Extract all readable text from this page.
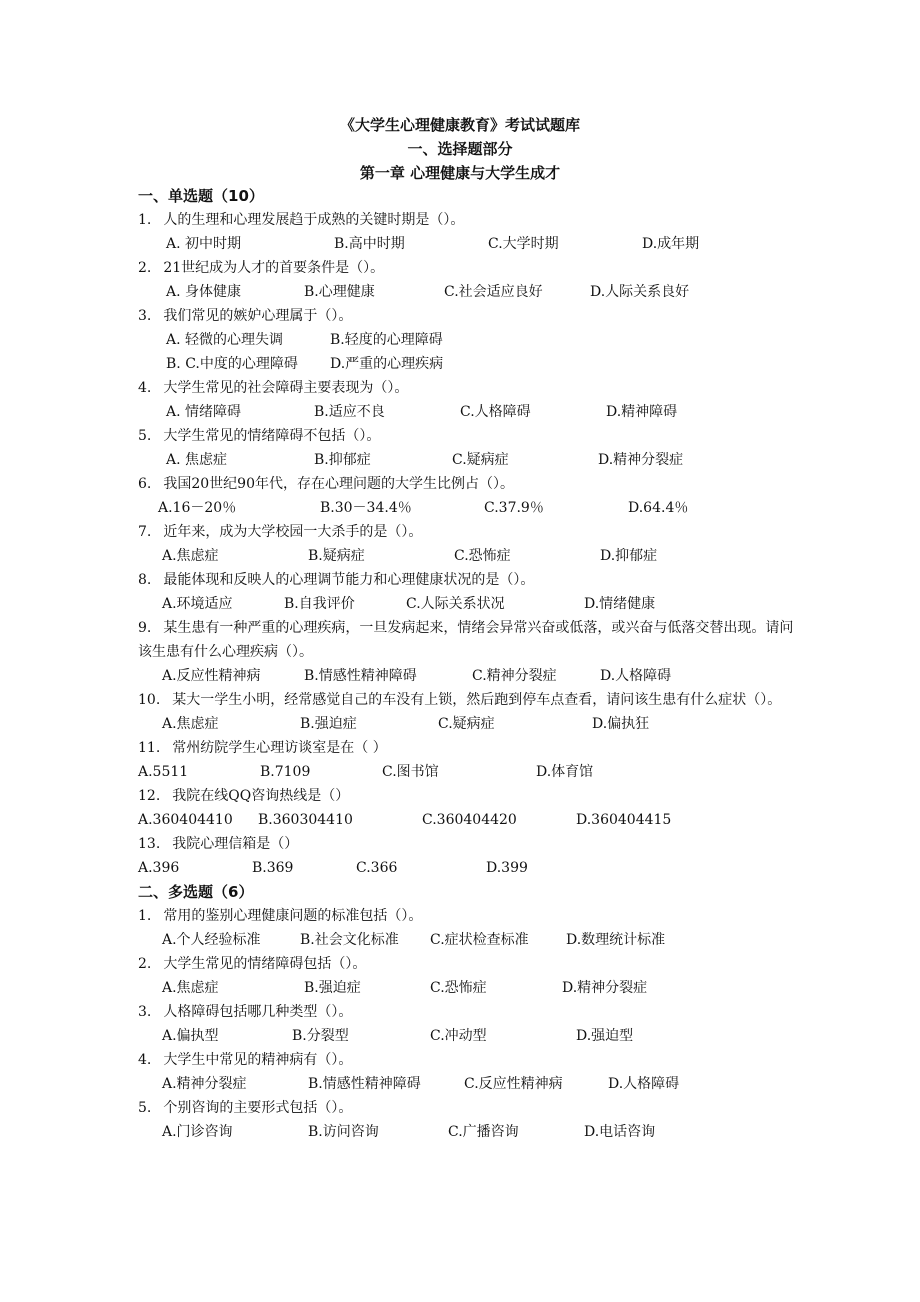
《大学生心理健康教育》考试试题库
一、选择题部分
第一章 心理健康与大学生成才
一、单选题（10）
1. 人的生理和心理发展趋于成熟的关键时期是（）。
A. 初中时期	B.高中时期	C.大学时期	D.成年期
2. 21世纪成为人才的首要条件是（）。
A. 身体健康	B.心理健康	C.社会适应良好	D.人际关系良好
3. 我们常见的嫉妒心理属于（）。
A. 轻微的心理失调	B.轻度的心理障碍
B. C.中度的心理障碍 D.严重的心理疾病
4. 大学生常见的社会障碍主要表现为（）。
A. 情绪障碍	B.适应不良	C.人格障碍	D.精神障碍
5. 大学生常见的情绪障碍不包括（）。
A. 焦虑症	B.抑郁症	C.疑病症	D.精神分裂症
6. 我国20世纪90年代，存在心理问题的大学生比例占（）。
A.16－20％	B.30－34.4％	C.37.9％	D.64.4％
7. 近年来，成为大学校园一大杀手的是（）。
A.焦虑症	B.疑病症	C.恐怖症	D.抑郁症
8. 最能体现和反映人的心理调节能力和心理健康状况的是（）。
A.环境适应	B.自我评价	C.人际关系状况	D.情绪健康
9. 某生患有一种严重的心理疾病，一旦发病起来，情绪会异常兴奋或低落，或兴奋与低落交替出现。请问该生患有什么心理疾病（）。
A.反应性精神病	B.情感性精神障碍	C.精神分裂症	D.人格障碍
10. 某大一学生小明，经常感觉自己的车没有上锁，然后跑到停车点查看，请问该生患有什么症状（）。
A.焦虑症	B.强迫症	C.疑病症	D.偏执狂
11. 常州纺院学生心理访谈室是在（ ）
A.5511	B.7109	C.图书馆	D.体育馆
12. 我院在线QQ咨询热线是（）
A.360404410 B.360304410	C.360404420	D.360404415
13. 我院心理信箱是（）
A.396	B.369	C.366	D.399
二、多选题（6）
1. 常用的鉴别心理健康问题的标准包括（）。
A.个人经验标准	B.社会文化标准 C.症状检查标准	D.数理统计标准
2. 大学生常见的情绪障碍包括（）。
A.焦虑症	B.强迫症	C.恐怖症	D.精神分裂症
3. 人格障碍包括哪几种类型（）。
A.偏执型	B.分裂型	C.冲动型	D.强迫型
4. 大学生中常见的精神病有（）。
A.精神分裂症	B.情感性精神障碍	C.反应性精神病	D.人格障碍
5. 个别咨询的主要形式包括（）。
A.门诊咨询	B.访问咨询	C.广播咨询	D.电话咨询
